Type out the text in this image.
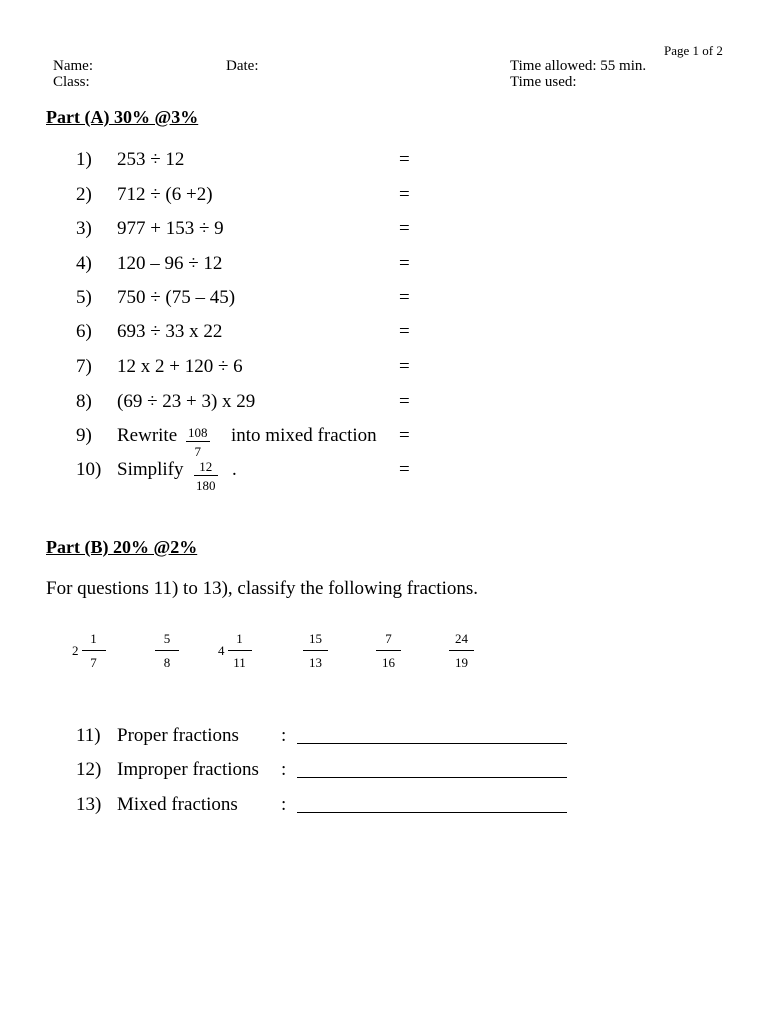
Page 1 of 2
Name:	Date:	Time allowed: 55 min.
Class:	Time used:
Part (A) 30% @3%
1) 253 ÷ 12	=
2) 712 ÷ (6 +2)	=
3) 977 + 153 ÷ 9	=
4) 120 – 96 ÷ 12	=
5) 750 ÷ (75 – 45)	=
6) 693 ÷ 33 x 22	=
7) 12 x 2 + 120 ÷ 6	=
8) (69 ÷ 23 + 3) x 29	=
9) Rewrite $\frac{108}{7}$ into mixed fraction =
10) Simplify $\frac{12}{180}$ .	=
Part (B) 20% @2%
For questions 11) to 13), classify the following fractions.
2
1
7
5
8
4
1
11
15
13
7
16
24
19
11) Proper fractions :
12) Improper fractions :
13) Mixed fractions :
